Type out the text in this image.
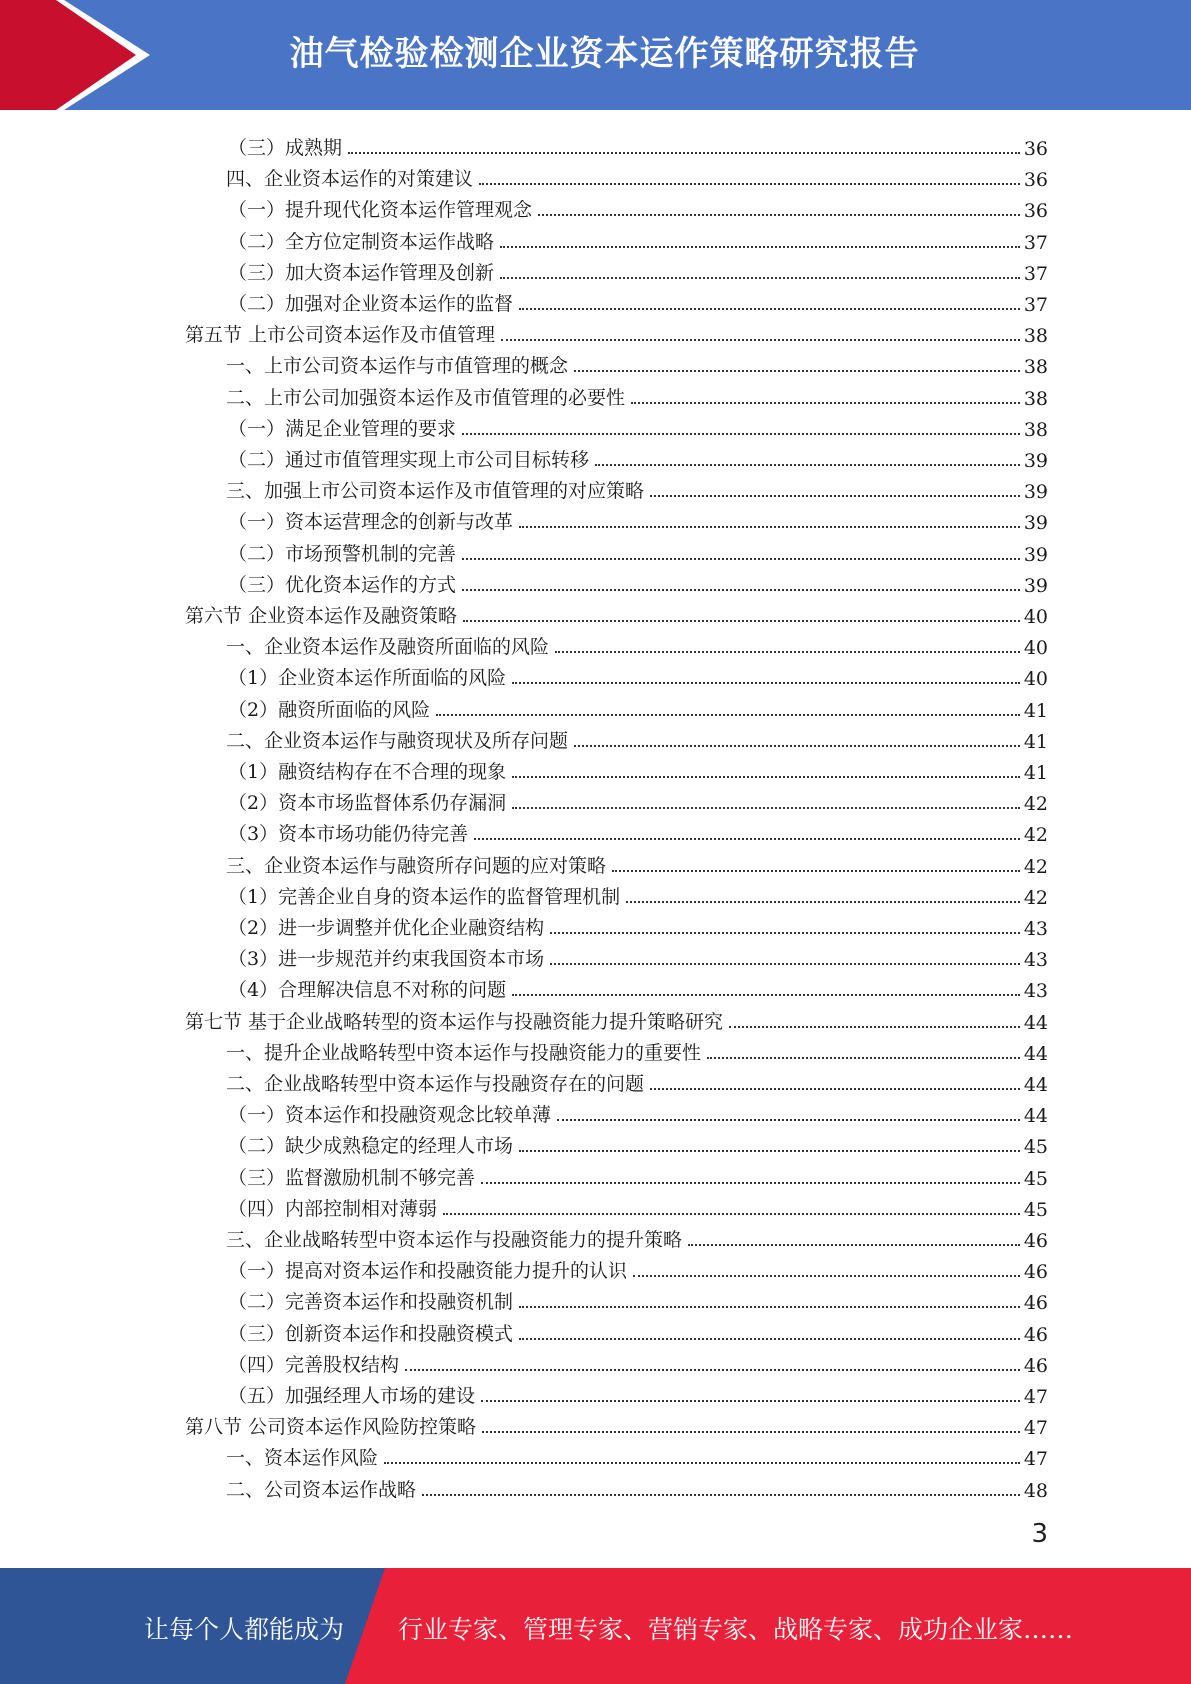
油气检验检测企业资本运作策略研究报告
（三）成熟期	36
四、企业资本运作的对策建议	36
（一）提升现代化资本运作管理观念	36
（二）全方位定制资本运作战略	37
（三）加大资本运作管理及创新	37
（二）加强对企业资本运作的监督	37
第五节 上市公司资本运作及市值管理	38
一、上市公司资本运作与市值管理的概念	38
二、上市公司加强资本运作及市值管理的必要性	38
（一）满足企业管理的要求	38
（二）通过市值管理实现上市公司目标转移	39
三、加强上市公司资本运作及市值管理的对应策略	39
（一）资本运营理念的创新与改革	39
（二）市场预警机制的完善	39
（三）优化资本运作的方式	39
第六节 企业资本运作及融资策略	40
一、企业资本运作及融资所面临的风险	40
（1）企业资本运作所面临的风险	40
（2）融资所面临的风险	41
二、企业资本运作与融资现状及所存问题	41
（1）融资结构存在不合理的现象	41
（2）资本市场监督体系仍存漏洞	42
（3）资本市场功能仍待完善	42
三、企业资本运作与融资所存问题的应对策略	42
（1）完善企业自身的资本运作的监督管理机制	42
（2）进一步调整并优化企业融资结构	43
（3）进一步规范并约束我国资本市场	43
（4）合理解决信息不对称的问题	43
第七节 基于企业战略转型的资本运作与投融资能力提升策略研究	44
一、提升企业战略转型中资本运作与投融资能力的重要性	44
二、企业战略转型中资本运作与投融资存在的问题	44
（一）资本运作和投融资观念比较单薄	44
（二）缺少成熟稳定的经理人市场	45
（三）监督激励机制不够完善	45
（四）内部控制相对薄弱	45
三、企业战略转型中资本运作与投融资能力的提升策略	46
（一）提高对资本运作和投融资能力提升的认识	46
（二）完善资本运作和投融资机制	46
（三）创新资本运作和投融资模式	46
（四）完善股权结构	46
（五）加强经理人市场的建设	47
第八节 公司资本运作风险防控策略	47
一、资本运作风险	47
二、公司资本运作战略	48
3
让每个人都能成为 行业专家、管理专家、营销专家、战略专家、成功企业家……
